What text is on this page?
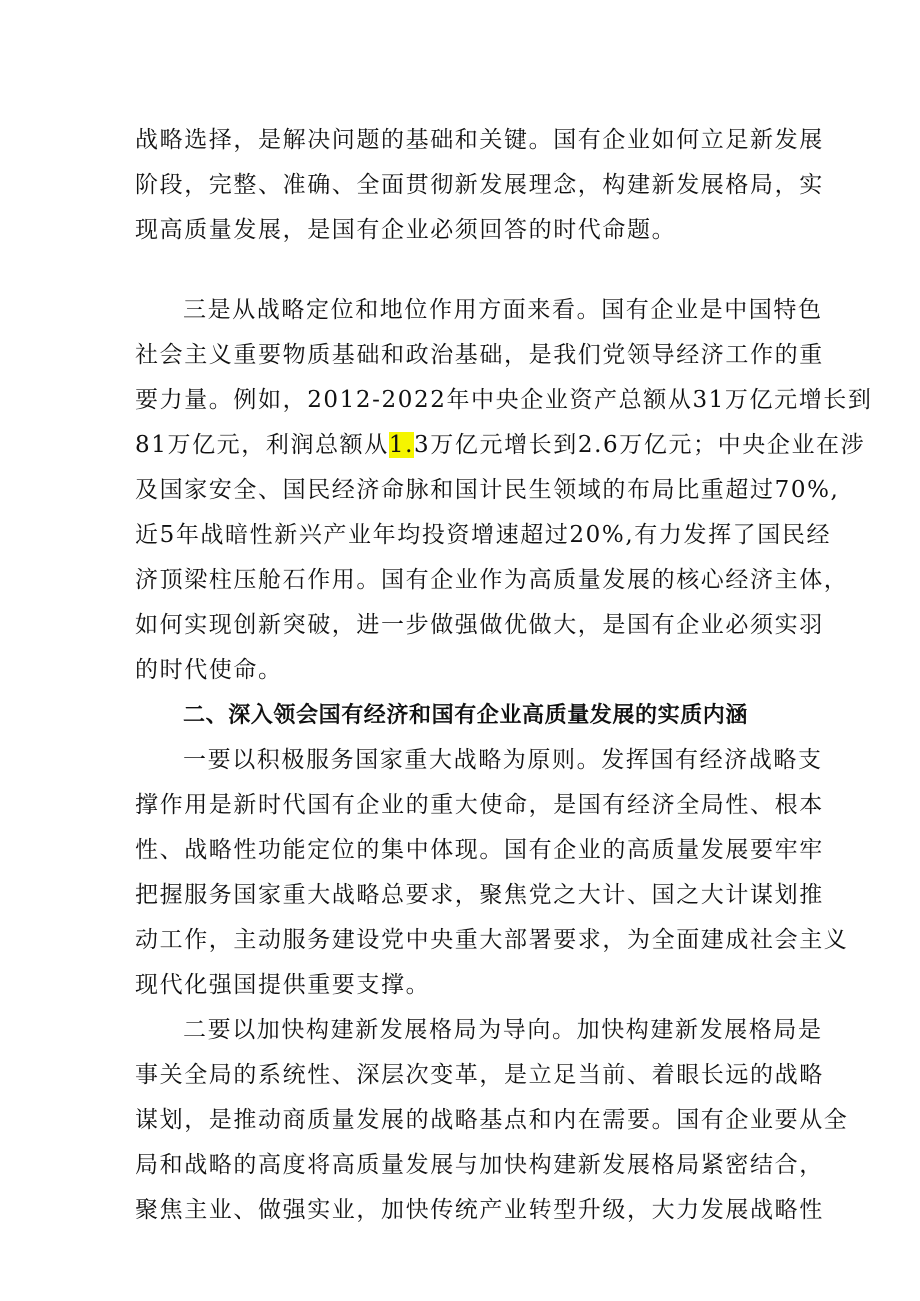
战略选择，是解决问题的基础和关键。国有企业如何立足新发展
阶段，完整、准确、全面贯彻新发展理念，构建新发展格局，实
现高质量发展，是国有企业必须回答的时代命题。
三是从战略定位和地位作用方面来看。国有企业是中国特色
社会主义重要物质基础和政治基础，是我们党领导经济工作的重
要力量。例如，2012-2022年中央企业资产总额从31万亿元增长到
81万亿元，利润总额从1.3万亿元增长到2.6万亿元；中央企业在涉
及国家安全、国民经济命脉和国计民生领域的布局比重超过70%,
近5年战暗性新兴产业年均投资增速超过20%,有力发挥了国民经
济顶梁柱压舱石作用。国有企业作为高质量发展的核心经济主体，
如何实现创新突破，进一步做强做优做大，是国有企业必须实羽
的时代使命。
二、深入领会国有经济和国有企业高质量发展的实质内涵
一要以积极服务国家重大战略为原则。发挥国有经济战略支
撑作用是新时代国有企业的重大使命，是国有经济全局性、根本
性、战略性功能定位的集中体现。国有企业的高质量发展要牢牢
把握服务国家重大战略总要求，聚焦党之大计、国之大计谋划推
动工作，主动服务建设党中央重大部署要求，为全面建成社会主义
现代化强国提供重要支撑。
二要以加快构建新发展格局为导向。加快构建新发展格局是
事关全局的系统性、深层次变革，是立足当前、着眼长远的战略
谋划，是推动商质量发展的战略基点和内在需要。国有企业要从全
局和战略的高度将高质量发展与加快构建新发展格局紧密结合，
聚焦主业、做强实业，加快传统产业转型升级，大力发展战略性
